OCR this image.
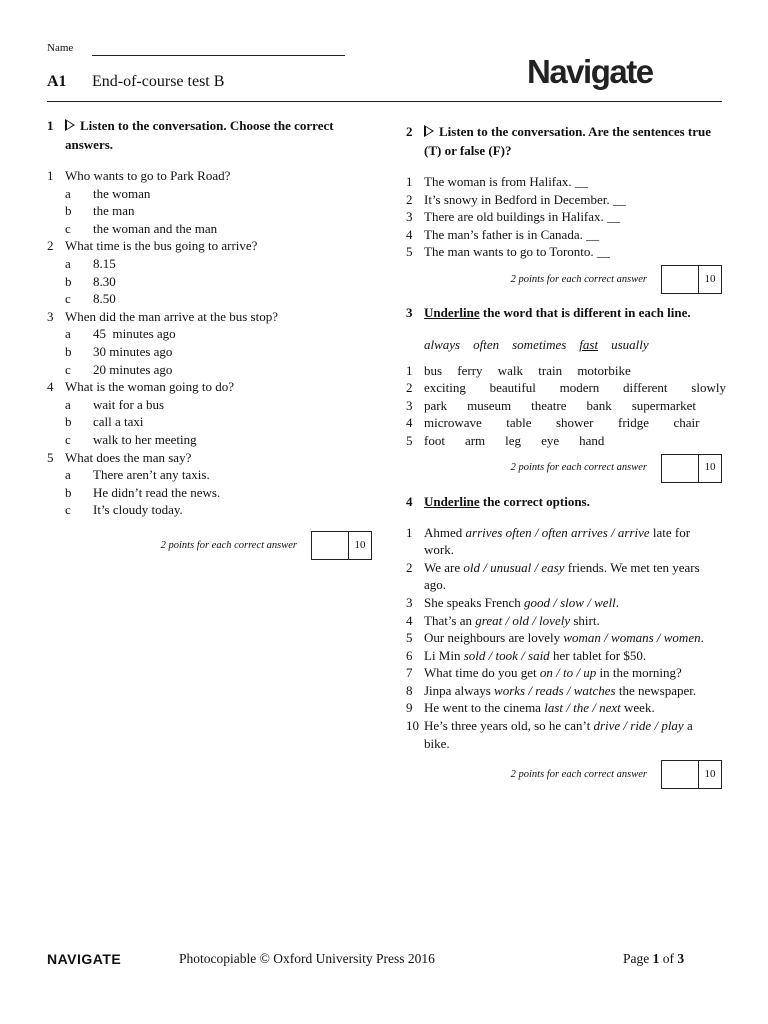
Name
A1 End-of-course test B	Navigate
1	Listen to the conversation. Choose the correct answers.
1 Who wants to go to Park Road?
a	the woman
b	the man
c	the woman and the man
2 What time is the bus going to arrive?
a	8.15
b	8.30
c	8.50
3 When did the man arrive at the bus stop?
a	45  minutes ago
b	30 minutes ago
c	20 minutes ago
4 What is the woman going to do?
a	wait for a bus
b	call a taxi
c	walk to her meeting
5 What does the man say?
a	There aren’t any taxis.
b	He didn’t read the news.
c	It’s cloudy today.
2 points for each correct answer	10
2	Listen to the conversation. Are the sentences true (T) or false (F)?
1 The woman is from Halifax. __
2 It’s snowy in Bedford in December. __
3 There are old buildings in Halifax. __
4 The man’s father is in Canada. __
5 The man wants to go to Toronto. __
2 points for each correct answer	10
3 Underline the word that is different in each line.
always often sometimes fast usually
1 bus ferry walk train motorbike
2 exciting beautiful modern different slowly
3 park museum theatre bank supermarket
4 microwave table shower fridge chair
5 foot arm leg eye hand
2 points for each correct answer	10
4 Underline the correct options.
1 Ahmed arrives often / often arrives / arrive late for work.
2 We are old / unusual / easy friends. We met ten years ago.
3 She speaks French good / slow / well.
4 That’s an great / old / lovely shirt.
5 Our neighbours are lovely woman / womans / women.
6 Li Min sold / took / said her tablet for $50.
7 What time do you get on / to / up in the morning?
8 Jinpa always works / reads / watches the newspaper.
9 He went to the cinema last / the / next week.
10 He’s three years old, so he can’t drive / ride / play a bike.
2 points for each correct answer	10
NAVIGATE	Photocopiable © Oxford University Press 2016	Page 1 of 3
